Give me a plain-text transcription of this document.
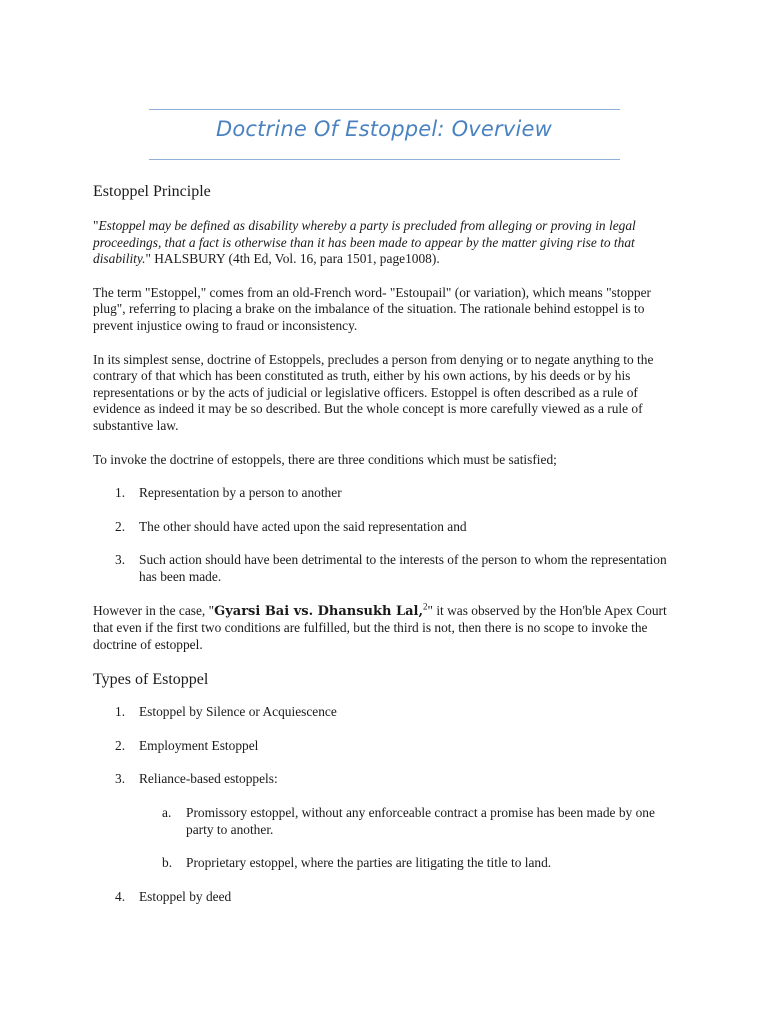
Doctrine Of Estoppel: Overview
Estoppel Principle

"Estoppel may be defined as disability whereby a party is precluded from alleging or proving in legal proceedings, that a fact is otherwise than it has been made to appear by the matter giving rise to that disability." HALSBURY (4th Ed, Vol. 16, para 1501, page1008).

The term "Estoppel," comes from an old-French word- "Estoupail" (or variation), which means "stopper plug", referring to placing a brake on the imbalance of the situation. The rationale behind estoppel is to prevent injustice owing to fraud or inconsistency.

In its simplest sense, doctrine of Estoppels, precludes a person from denying or to negate anything to the contrary of that which has been constituted as truth, either by his own actions, by his deeds or by his representations or by the acts of judicial or legislative officers. Estoppel is often described as a rule of evidence as indeed it may be so described. But the whole concept is more carefully viewed as a rule of substantive law.

To invoke the doctrine of estoppels, there are three conditions which must be satisfied;

1. Representation by a person to another
2. The other should have acted upon the said representation and
3. Such action should have been detrimental to the interests of the person to whom the representation has been made.

However in the case, "Gyarsi Bai vs. Dhansukh Lal,$^2$" it was observed by the Hon'ble Apex Court that even if the first two conditions are fulfilled, but the third is not, then there is no scope to invoke the doctrine of estoppel.

Types of Estoppel
1. Estoppel by Silence or Acquiescence
2. Employment Estoppel
3. Reliance-based estoppels:
a. Promissory estoppel, without any enforceable contract a promise has been made by one party to another.
b. Proprietary estoppel, where the parties are litigating the title to land.
4. Estoppel by deed
